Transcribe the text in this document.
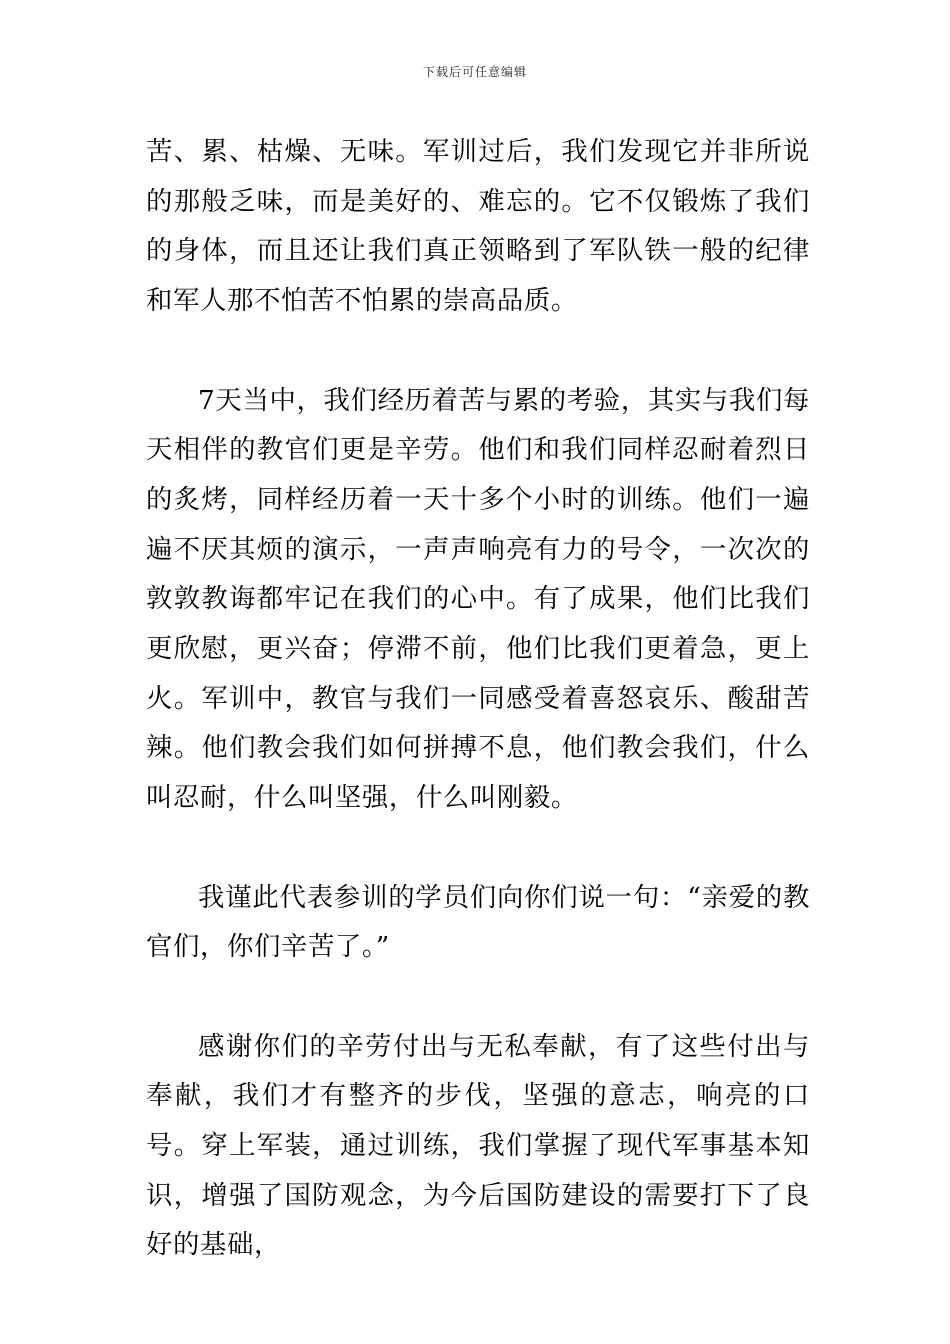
下载后可任意编辑

苦、累、枯燥、无味。军训过后，我们发现它并非所说的那般乏味，而是美好的、难忘的。它不仅锻炼了我们的身体，而且还让我们真正领略到了军队铁一般的纪律和军人那不怕苦不怕累的崇高品质。

7天当中，我们经历着苦与累的考验，其实与我们每天相伴的教官们更是辛劳。他们和我们同样忍耐着烈日的炙烤，同样经历着一天十多个小时的训练。他们一遍遍不厌其烦的演示，一声声响亮有力的号令，一次次的敦敦教诲都牢记在我们的心中。有了成果，他们比我们更欣慰，更兴奋；停滞不前，他们比我们更着急，更上火。军训中，教官与我们一同感受着喜怒哀乐、酸甜苦辣。他们教会我们如何拼搏不息，他们教会我们，什么叫忍耐，什么叫坚强，什么叫刚毅。

我谨此代表参训的学员们向你们说一句：“亲爱的教官们，你们辛苦了。”

感谢你们的辛劳付出与无私奉献，有了这些付出与奉献，我们才有整齐的步伐，坚强的意志，响亮的口号。穿上军装，通过训练，我们掌握了现代军事基本知识，增强了国防观念，为今后国防建设的需要打下了良好的基础，
